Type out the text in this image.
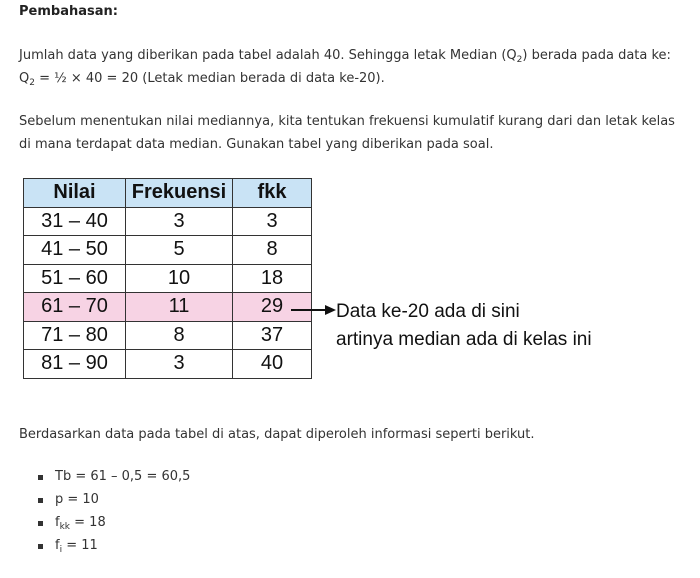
Pembahasan:
Jumlah data yang diberikan pada tabel adalah 40. Sehingga letak Median $(Q_2)$ berada pada data ke: $Q_2$ = ½ × 40 = 20 (Letak median berada di data ke-20).
Sebelum menentukan nilai mediannya, kita tentukan frekuensi kumulatif kurang dari dan letak kelas di mana terdapat data median. Gunakan tabel yang diberikan pada soal.
Nilai	Frekuensi	fkk
31 – 40	3	3
41 – 50	5	8
51 – 60	10	18
61 – 70	11	29
71 – 80	8	37
81 – 90	3	40
Data ke-20 ada di sini
artinya median ada di kelas ini
Berdasarkan data pada tabel di atas, dapat diperoleh informasi seperti berikut.
Tb = 61 – 0,5 = 60,5
p = 10
$f_{kk} = 18$
$f_i = 11$
